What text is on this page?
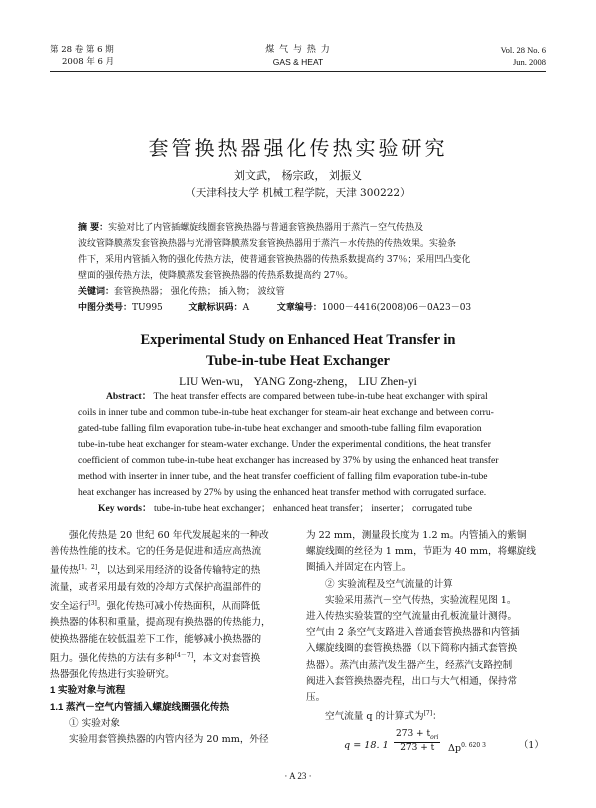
第 28 卷 第 6 期
2008 年 6 月
煤 气 与 热 力
GAS & HEAT
Vol. 28 No. 6
Jun. 2008
套管换热器强化传热实验研究
刘文武， 杨宗政， 刘振义
（天津科技大学 机械工程学院，天津 300222）
摘 要：实验对比了内管插螺旋线圈套管换热器与普通套管换热器用于蒸汽－空气传热及
波纹管降膜蒸发套管换热器与光滑管降膜蒸发套管换热器用于蒸汽－水传热的传热效果。实验条
件下，采用内管插入物的强化传热方法，使普通套管换热器的传热系数提高约 37％；采用凹凸变化
壁面的强传热方法，使降膜蒸发套管换热器的传热系数提高约 27％。
关键词：套管换热器； 强化传热； 插入物； 波纹管
中图分类号：TU995	文献标识码：A	文章编号：1000－4416(2008)06－0A23－03
Experimental Study on Enhanced Heat Transfer in
Tube-in-tube Heat Exchanger
LIU Wen-wu， YANG Zong-zheng， LIU Zhen-yi
Abstract： The heat transfer effects are compared between tube-in-tube heat exchanger with spiral
coils in inner tube and common tube-in-tube heat exchanger for steam-air heat exchange and between corru-
gated-tube falling film evaporation tube-in-tube heat exchanger and smooth-tube falling film evaporation
tube-in-tube heat exchanger for steam-water exchange. Under the experimental conditions, the heat transfer
coefficient of common tube-in-tube heat exchanger has increased by 37% by using the enhanced heat transfer
method with inserter in inner tube, and the heat transfer coefficient of falling film evaporation tube-in-tube
heat exchanger has increased by 27% by using the enhanced heat transfer method with corrugated surface.
Key words： tube-in-tube heat exchanger； enhanced heat transfer； inserter； corrugated tube

强化传热是 20 世纪 60 年代发展起来的一种改

善传热性能的技术。它的任务是促进和适应高热流

量传热[1，2]，以达到采用经济的设备传输特定的热

流量，或者采用最有效的冷却方式保护高温部件的

安全运行[3]。强化传热可减小传热面积，从而降低

换热器的体积和重量，提高现有换热器的传热能力，

使换热器能在较低温差下工作，能够减小换热器的

阻力。强化传热的方法有多种[4－7]，本文对套管换

热器强化传热进行实验研究。

1 实验对象与流程

1.1 蒸汽－空气内管插入螺旋线圈强化传热

① 实验对象

实验用套管换热器的内管内径为 20 mm，外径

为 22 mm，测量段长度为 1.2 m。内管插入的紫铜

螺旋线圈的丝径为 1 mm，节距为 40 mm，将螺旋线

圈插入并固定在内管上。

② 实验流程及空气流量的计算

实验采用蒸汽－空气传热，实验流程见图 1。

进入传热实验装置的空气流量由孔板流量计测得。

空气由 2 条空气支路进入普通套管换热器和内管插

入螺旋线圈的套管换热器（以下简称内插式套管换

热器）。蒸汽由蒸汽发生器产生，经蒸汽支路控制

阀进入套管换热器壳程，出口与大气相通，保持常

压。

空气流量 q 的计算式为[7]：

q = 18. 1
$273 + t_{ori}$
273 + t	$\Delta p^{0. 620 3}$	（1）
· A 23 ·
